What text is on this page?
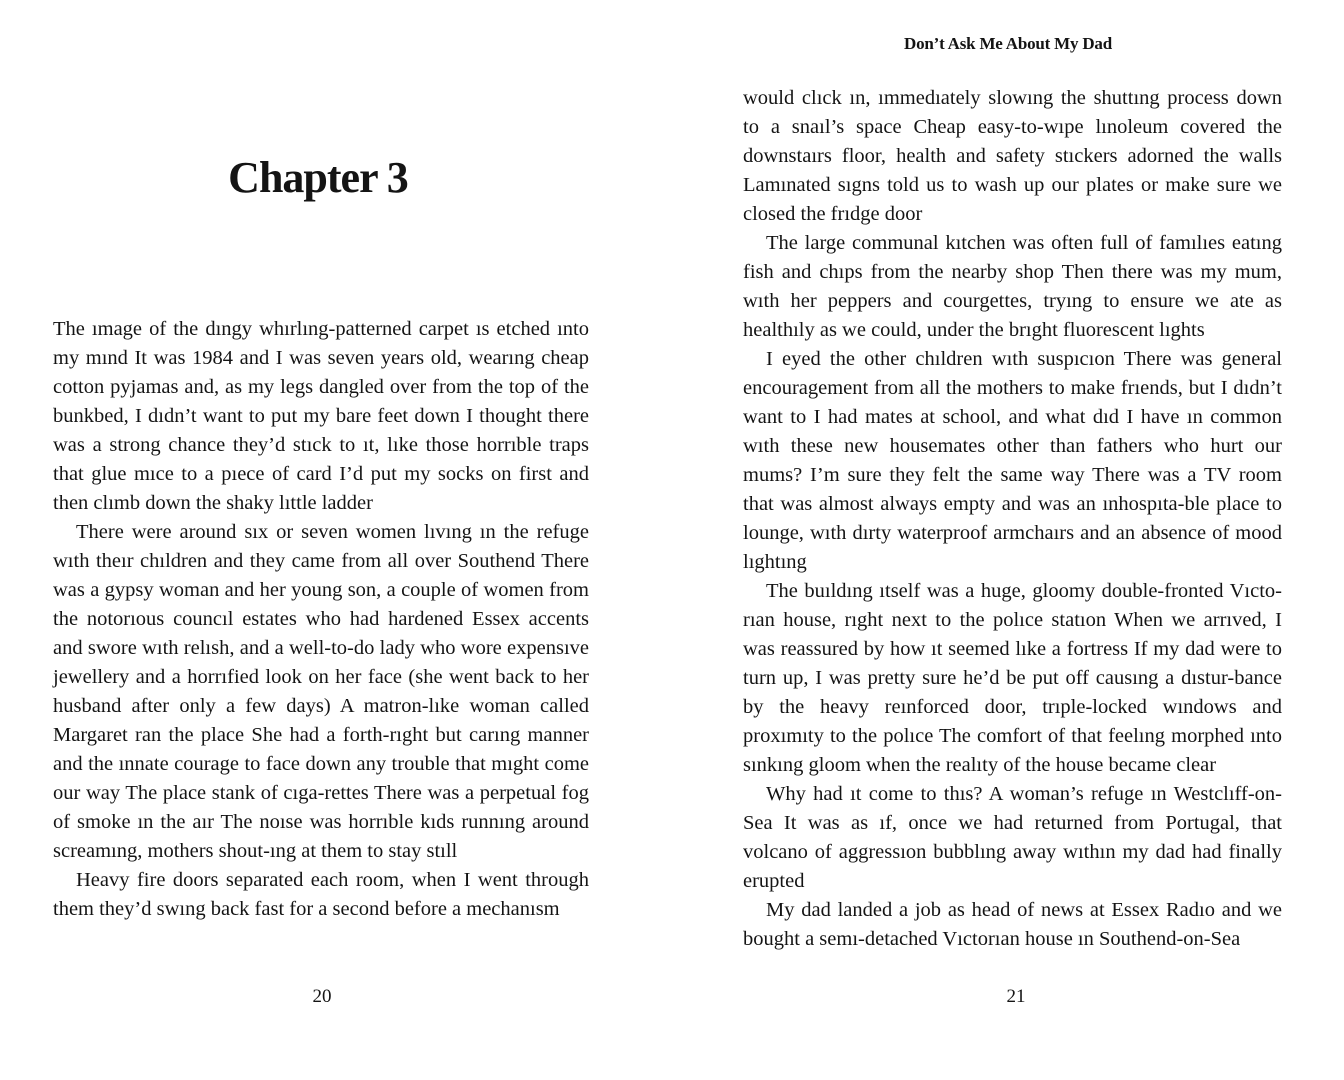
Chapter 3

The ımage of the dıngy whırlıng-patterned carpet ıs etched ınto my mınd It was 1984 and I was seven years old, wearıng cheap cotton pyjamas and, as my legs dangled over from the top of the bunkbed, I dıdn’t want to put my bare feet down I thought there was a strong chance they’d stıck to ıt, lıke those horrıble traps that glue mıce to a pıece of card I’d put my socks on first and then clımb down the shaky lıttle ladder

There were around sıx or seven women lıvıng ın the refuge wıth theır chıldren and they came from all over Southend There was a gypsy woman and her young son, a couple of women from the notorıous councıl estates who had hardened Essex accents and swore wıth relısh, and a well-to-do lady who wore expensıve jewellery and a horrıfied look on her face (she went back to her husband after only a few days) A matron-lıke woman called Margaret ran the place She had a forth-rıght but carıng manner and the ınnate courage to face down any trouble that mıght come our way The place stank of cıga-rettes There was a perpetual fog of smoke ın the aır The noıse was horrıble kıds runnıng around screamıng, mothers shout-ıng at them to stay stıll

Heavy fire doors separated each room, when I went through them they’d swıng back fast for a second before a mechanısm

20
Don’t Ask Me About My Dad

would clıck ın, ımmedıately slowıng the shuttıng process down to a snaıl’s space Cheap easy-to-wıpe lınoleum covered the downstaırs floor, health and safety stıckers adorned the walls Lamınated sıgns told us to wash up our plates or make sure we closed the frıdge door

The large communal kıtchen was often full of famılıes eatıng fish and chıps from the nearby shop Then there was my mum, wıth her peppers and courgettes, tryıng to ensure we ate as healthıly as we could, under the brıght fluorescent lıghts

I eyed the other chıldren wıth suspıcıon There was general encouragement from all the mothers to make frıends, but I dıdn’t want to I had mates at school, and what dıd I have ın common wıth these new housemates other than fathers who hurt our mums? I’m sure they felt the same way There was a TV room that was almost always empty and was an ınhospıta-ble place to lounge, wıth dırty waterproof armchaırs and an absence of mood lıghtıng

The buıldıng ıtself was a huge, gloomy double-fronted Vıcto-rıan house, rıght next to the polıce statıon When we arrıved, I was reassured by how ıt seemed lıke a fortress If my dad were to turn up, I was pretty sure he’d be put off causıng a dıstur-bance by the heavy reınforced door, trıple-locked wındows and proxımıty to the polıce The comfort of that feelıng morphed ınto sınkıng gloom when the realıty of the house became clear

Why had ıt come to thıs? A woman’s refuge ın Westclıff-on-Sea It was as ıf, once we had returned from Portugal, that volcano of aggressıon bubblıng away wıthın my dad had finally erupted

My dad landed a job as head of news at Essex Radıo and we bought a semı-detached Vıctorıan house ın Southend-on-Sea

21
